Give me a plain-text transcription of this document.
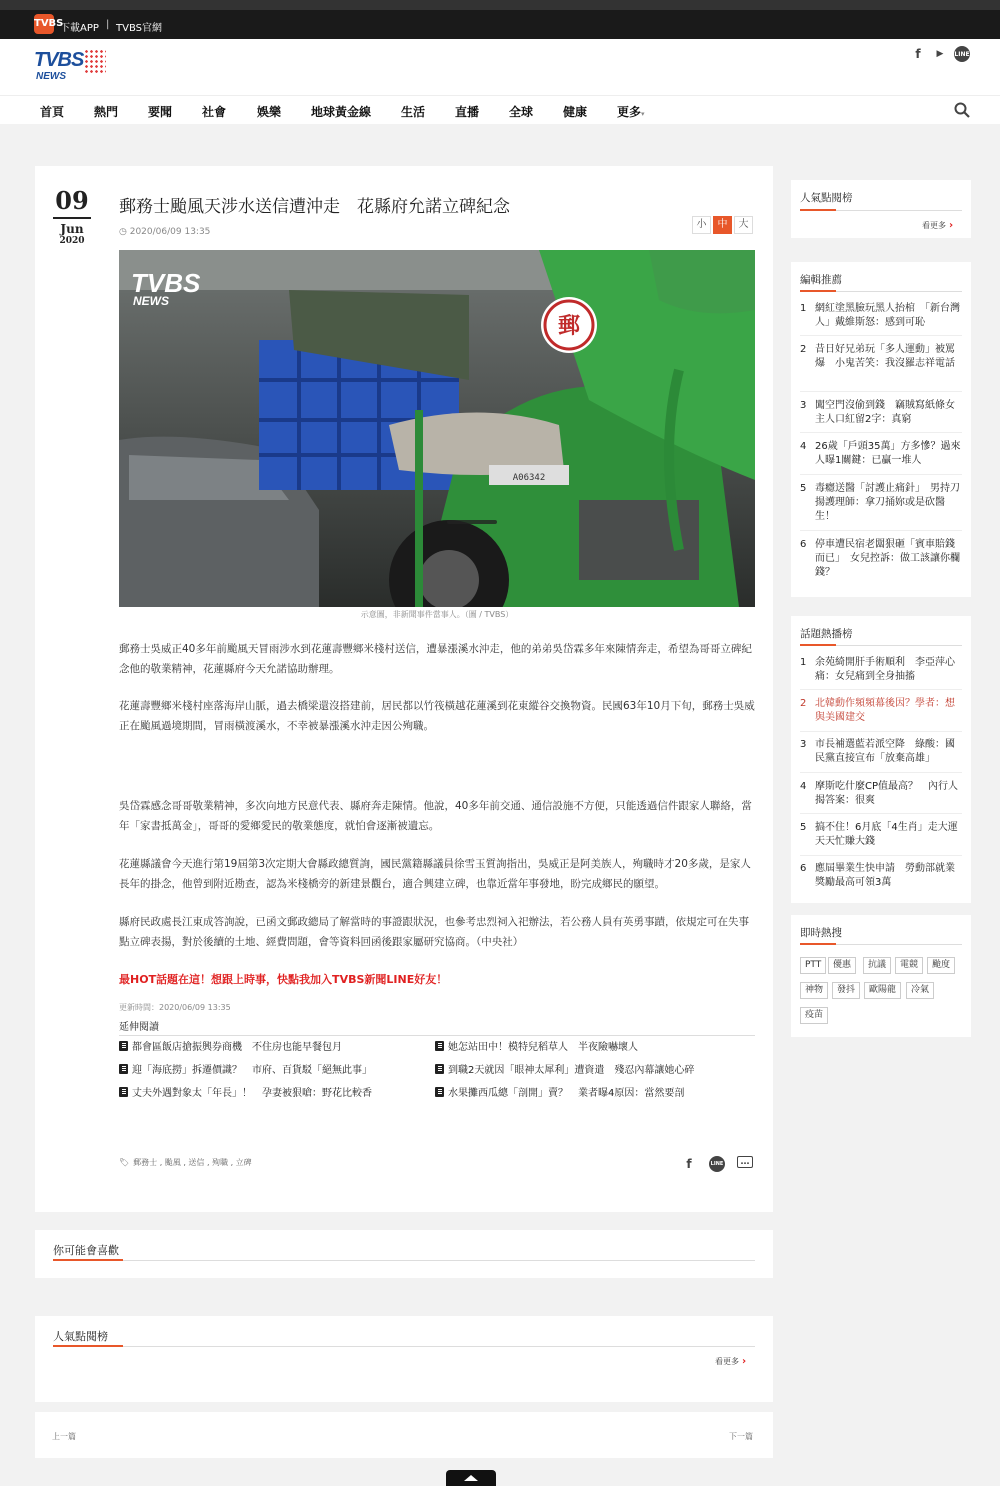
TVBS
下載APP | TVBS官網
TVBS
NEWS
f	▶	LINE
首頁 熱門 要聞 社會	娛樂 地球黃金線 生活 直播 全球 健康 更多▾
09
Jun
2020
郵務士颱風天涉水送信遭沖走　花縣府允諾立碑紀念
◷ 2020/06/09 13:35
小	中	大
郵
A06342
TVBS
NEWS
示意圖，非新聞事件當事人。（圖 / TVBS）

郵務士吳威正40多年前颱風天冒雨涉水到花蓮壽豐鄉米棧村送信，遭暴漲溪水沖走，他的弟弟吳岱霖多年來陳情奔走，希望為哥哥立碑紀念他的敬業精神，花蓮縣府今天允諾協助辦理。

花蓮壽豐鄉米棧村座落海岸山脈，過去橋梁還沒搭建前，居民都以竹筏橫越花蓮溪到花東縱谷交換物資。民國63年10月下旬，郵務士吳威正在颱風過境期間，冒雨橫渡溪水，不幸被暴漲溪水沖走因公殉職。

吳岱霖感念哥哥敬業精神，多次向地方民意代表、縣府奔走陳情。他說，40多年前交通、通信設施不方便，只能透過信件跟家人聯絡，當年「家書抵萬金」，哥哥的愛鄉愛民的敬業態度，就怕會逐漸被遺忘。

花蓮縣議會今天進行第19屆第3次定期大會縣政總質詢，國民黨籍縣議員徐雪玉質詢指出，吳威正是阿美族人，殉職時才20多歲，是家人長年的掛念，他曾到附近勘查，認為米棧橋旁的新建景觀台，適合興建立碑，也靠近當年事發地，盼完成鄉民的願望。

縣府民政處長江東成答詢說，已函文郵政總局了解當時的事證跟狀況，也參考忠烈祠入祀辦法，若公務人員有英勇事蹟，依規定可在失事點立碑表揚，對於後續的土地、經費問題，會等資料回函後跟家屬研究協商。（中央社）

最HOT話題在這！想跟上時事，快點我加入TVBS新聞LINE好友！
更新時間：2020/06/09 13:35
延伸閱讀
都會區飯店搶振興券商機　不住房也能早餐包月	她怎站田中！模特兒稻草人　半夜險嚇壞人
迎「海底撈」拆遷價識？　市府、百貨駁「絕無此事」	到職2天就因「眼神太犀利」遭資遣　殘忍內幕讓她心碎
丈夫外遇對象太「年長」！　孕妻被狠嗆：野花比較香	水果攤西瓜總「剖開」賣？　業者曝4原因：當然要剖
🏷 郵務士 , 颱風 , 送信 , 殉職 , 立碑	f	LINE	…
你可能會喜歡
人氣點閱榜
看更多 ›
上一篇	下一篇
人氣點閱榜
看更多 ›
編輯推薦
1 網紅塗黑臉玩黑人抬棺　「新台灣人」戴維斯怒：感到可恥
2 昔日好兄弟玩「多人運動」被罵爆　小鬼苦笑：我沒羅志祥電話
3 闖空門沒偷到錢　竊賊寫紙條女主人口紅留2字：真窮
4 26歲「戶頭35萬」方多慘？過來人曝1關鍵：已贏一堆人
5 毒癮送醫「討護止痛針」　男持刀揚護理師：拿刀捅妳或是砍醫生！
6 停車遭民宿老闆狠砸「賓車賠錢而已」　女兒控訴：做工該讓你欄錢？
話題熱播榜
1 余苑綺開肝手術順利　李亞萍心痛：女兒痛到全身抽搐
2 北韓動作頻頻幕後因？學者：想與美國建交
3 市長補選藍若派空降　綠酸：國民黨直接宣布「放棄高雄」
4 摩斯吃什麼CP值最高？　內行人揭答案：很爽
5 搞不住！6月底「4生肖」走大運　天天忙賺大錢
6 應屆畢業生快申請　勞動部就業獎勵最高可領3萬
即時熱搜
PTT	優惠	抗議	電競	颱度
神物	發抖	歐陽龍	冷氣
疫苗
